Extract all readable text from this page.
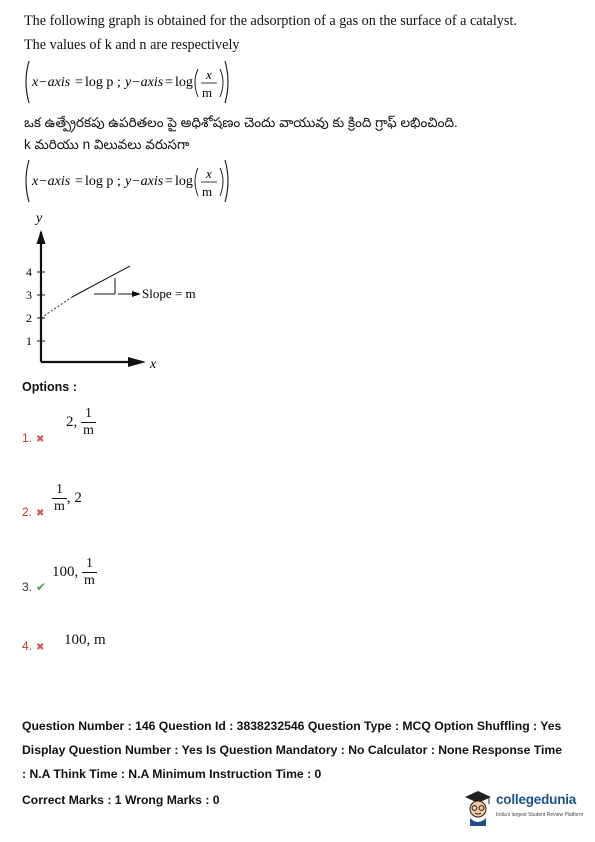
The following graph is obtained for the adsorption of a gas on the surface of a catalyst.
The values of k and n are respectively
x−axis = log p ; y−axis = log
x
m
ఒక ఉత్ప్రేరకపు ఉపరితలం పై అధిశోషణం చెందు వాయువు కు క్రింది గ్రాఫ్ లభించింది.
k మరియు n విలువలు వరుసగా
x−axis = log p ; y−axis = log
x
m
y
x
4
3
2
1
Slope = m
Options :
1. ✖
2, $\frac{1}{m}$
2. ✖ $\frac{1}{m}$ , 2
3. ✔
100, $\frac{1}{m}$
4. ✖ 100, m
Question Number : 146 Question Id : 3838232546 Question Type : MCQ Option Shuffling : Yes
Display Question Number : Yes Is Question Mandatory : No Calculator : None Response Time
: N.A Think Time : N.A Minimum Instruction Time : 0
Correct Marks : 1 Wrong Marks : 0	collegedunia
India's largest Student Review Platform
